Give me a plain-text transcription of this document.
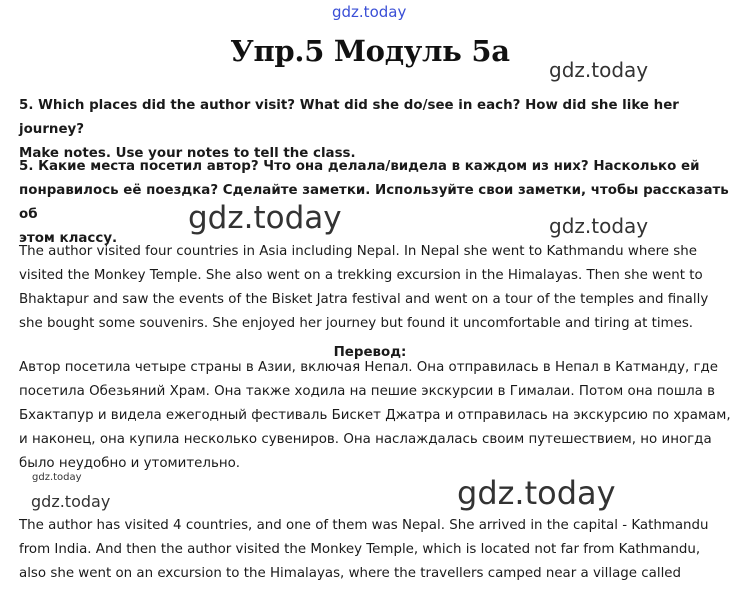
Упр.5 Модуль 5а
5. Which places did the author visit? What did she do/see in each? How did she like her journey?
Make notes. Use your notes to tell the class.
5. Какие места посетил автор? Что она делала/видела в каждом из них? Насколько ей
понравилось её поездка? Сделайте заметки. Используйте свои заметки, чтобы рассказать об
этом классу.
The author visited four countries in Asia including Nepal. In Nepal she went to Kathmandu where she
visited the Monkey Temple. She also went on a trekking excursion in the Himalayas. Then she went to
Bhaktapur and saw the events of the Bisket Jatra festival and went on a tour of the temples and finally
she bought some souvenirs. She enjoyed her journey but found it uncomfortable and tiring at times.
Перевод:
Автор посетила четыре страны в Азии, включая Непал. Она отправилась в Непал в Катманду, где
посетила Обезьяний Храм. Она также ходила на пешие экскурсии в Гималаи. Потом она пошла в
Бхактапур и видела ежегодный фестиваль Бискет Джатра и отправилась на экскурсию по храмам,
и наконец, она купила несколько сувениров. Она наслаждалась своим путешествием, но иногда
было неудобно и утомительно.
The author has visited 4 countries, and one of them was Nepal. She arrived in the capital - Kathmandu
from India. And then the author visited the Monkey Temple, which is located not far from Kathmandu,
also she went on an excursion to the Himalayas, where the travellers camped near a village called
gdz.today
gdz.today
gdz.today	gdz.today
gdz.today
gdz.today	gdz.today
